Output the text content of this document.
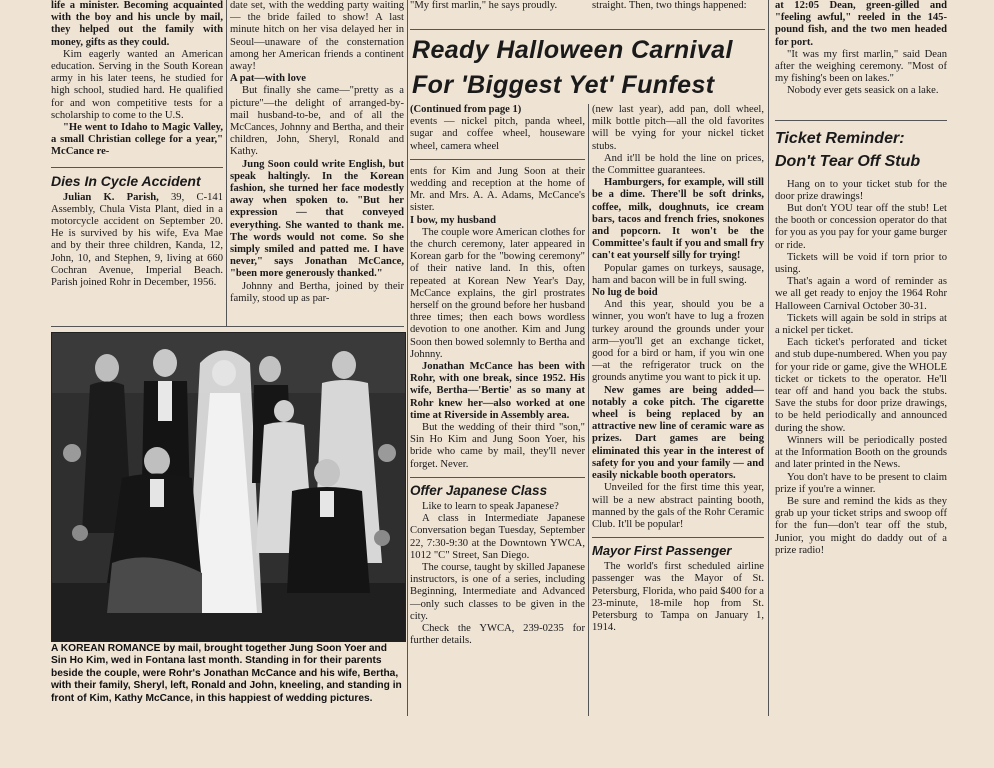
life a minister. Becoming acquainted with the boy and his uncle by mail, they helped out the family with money, gifts as they could.

Kim eagerly wanted an American education. Serving in the South Korean army in his later teens, he studied for high school, studied hard. He qualified for and won competitive tests for a scholarship to come to the U.S.

"He went to Idaho to Magic Valley, a small Christian college for a year," McCance re-

Dies In Cycle Accident

Julian K. Parish, 39, C-141 Assembly, Chula Vista Plant, died in a motorcycle accident on September 20. He is survived by his wife, Eva Mae and by their three children, Kanda, 12, John, 10, and Stephen, 9, living at 660 Cochran Avenue, Imperial Beach. Parish joined Rohr in December, 1956.

date set, with the wedding party waiting — the bride failed to show! A last minute hitch on her visa delayed her in Seoul—unaware of the consternation among her American friends a continent away!

A pat—with love

But finally she came—"pretty as a picture"—the delight of arranged-by-mail husband-to-be, and of all the McCances, Johnny and Bertha, and their children, John, Sheryl, Ronald and Kathy.

Jung Soon could write English, but speak haltingly. In the Korean fashion, she turned her face modestly away when spoken to. "But her expression — that conveyed everything. She wanted to thank me. The words would not come. So she simply smiled and patted me. I have never," says Jonathan McCance, "been more generously thanked."

Johnny and Bertha, joined by their family, stood up as par-

A KOREAN ROMANCE by mail, brought together Jung Soon Yoer and Sin Ho Kim, wed in Fontana last month. Standing in for their parents beside the couple, were Rohr's Jonathan McCance and his wife, Bertha, with their family, Sheryl, left, Ronald and John, kneeling, and standing in front of Kim, Kathy McCance, in this happiest of wedding pictures.

"My first marlin," he says proudly.

Ready Halloween Carnival For 'Biggest Yet' Funfest

(Continued from page 1)

events — nickel pitch, panda wheel, sugar and coffee wheel, houseware wheel, camera wheel

ents for Kim and Jung Soon at their wedding and reception at the home of Mr. and Mrs. A. A. Adams, McCance's sister.

I bow, my husband

The couple wore American clothes for the church ceremony, later appeared in Korean garb for the "bowing ceremony" of their native land. In this, often repeated at Korean New Year's Day, McCance explains, the girl prostrates herself on the ground before her husband three times; then each bows wordless devotion to one another. Kim and Jung Soon then bowed solemnly to Bertha and Johnny.

Jonathan McCance has been with Rohr, with one break, since 1952. His wife, Bertha—'Bertie' as so many at Rohr knew her—also worked at one time at Riverside in Assembly area.

But the wedding of their third "son," Sin Ho Kim and Jung Soon Yoer, his bride who came by mail, they'll never forget. Never.

Offer Japanese Class

Like to learn to speak Japanese?

A class in Intermediate Japanese Conversation began Tuesday, September 22, 7:30-9:30 at the Downtown YWCA, 1012 "C" Street, San Diego.

The course, taught by skilled Japanese instructors, is one of a series, including Beginning, Intermediate and Advanced—only such classes to be given in the city.

Check the YWCA, 239-0235 for further details.

straight. Then, two things happened:

(new last year), add pan, doll wheel, milk bottle pitch—all the old favorites will be vying for your nickel ticket stubs.

And it'll be hold the line on prices, the Committee guarantees.

Hamburgers, for example, will still be a dime. There'll be soft drinks, coffee, milk, doughnuts, ice cream bars, tacos and french fries, snokones and popcorn. It won't be the Committee's fault if you and small fry can't eat yourself silly for trying!

Popular games on turkeys, sausage, ham and bacon will be in full swing.

No lug de boid

And this year, should you be a winner, you won't have to lug a frozen turkey around the grounds under your arm—you'll get an exchange ticket, good for a bird or ham, if you win one—at the refrigerator truck on the grounds anytime you want to pick it up.

New games are being added—notably a coke pitch. The cigarette wheel is being replaced by an attractive new line of ceramic ware as prizes. Dart games are being eliminated this year in the interest of safety for you and your family — and easily nickable booth operators.

Unveiled for the first time this year, will be a new abstract painting booth, manned by the gals of the Rohr Ceramic Club. It'll be popular!

Mayor First Passenger

The world's first scheduled airline passenger was the Mayor of St. Petersburg, Florida, who paid $400 for a 23-minute, 18-mile hop from St. Petersburg to Tampa on January 1, 1914.

at 12:05 Dean, green-gilled and "feeling awful," reeled in the 145-pound fish, and the two men headed for port.

"It was my first marlin," said Dean after the weighing ceremony. "Most of my fishing's been on lakes."

Nobody ever gets seasick on a lake.

Ticket Reminder: Don't Tear Off Stub

Hang on to your ticket stub for the door prize drawings!

But don't YOU tear off the stub! Let the booth or concession operator do that for you as you pay for your game burger or ride.

Tickets will be void if torn prior to using.

That's again a word of reminder as we all get ready to enjoy the 1964 Rohr Halloween Carnival October 30-31.

Tickets will again be sold in strips at a nickel per ticket.

Each ticket's perforated and ticket and stub dupe-numbered. When you pay for your ride or game, give the WHOLE ticket or tickets to the operator. He'll tear off and hand you back the stubs. Save the stubs for door prize drawings, to be held periodically and announced during the show.

Winners will be periodically posted at the Information Booth on the grounds and later printed in the News.

You don't have to be present to claim prize if you're a winner.

Be sure and remind the kids as they grab up your ticket strips and swoop off for the fun—don't tear off the stub, Junior, you might do daddy out of a prize radio!
